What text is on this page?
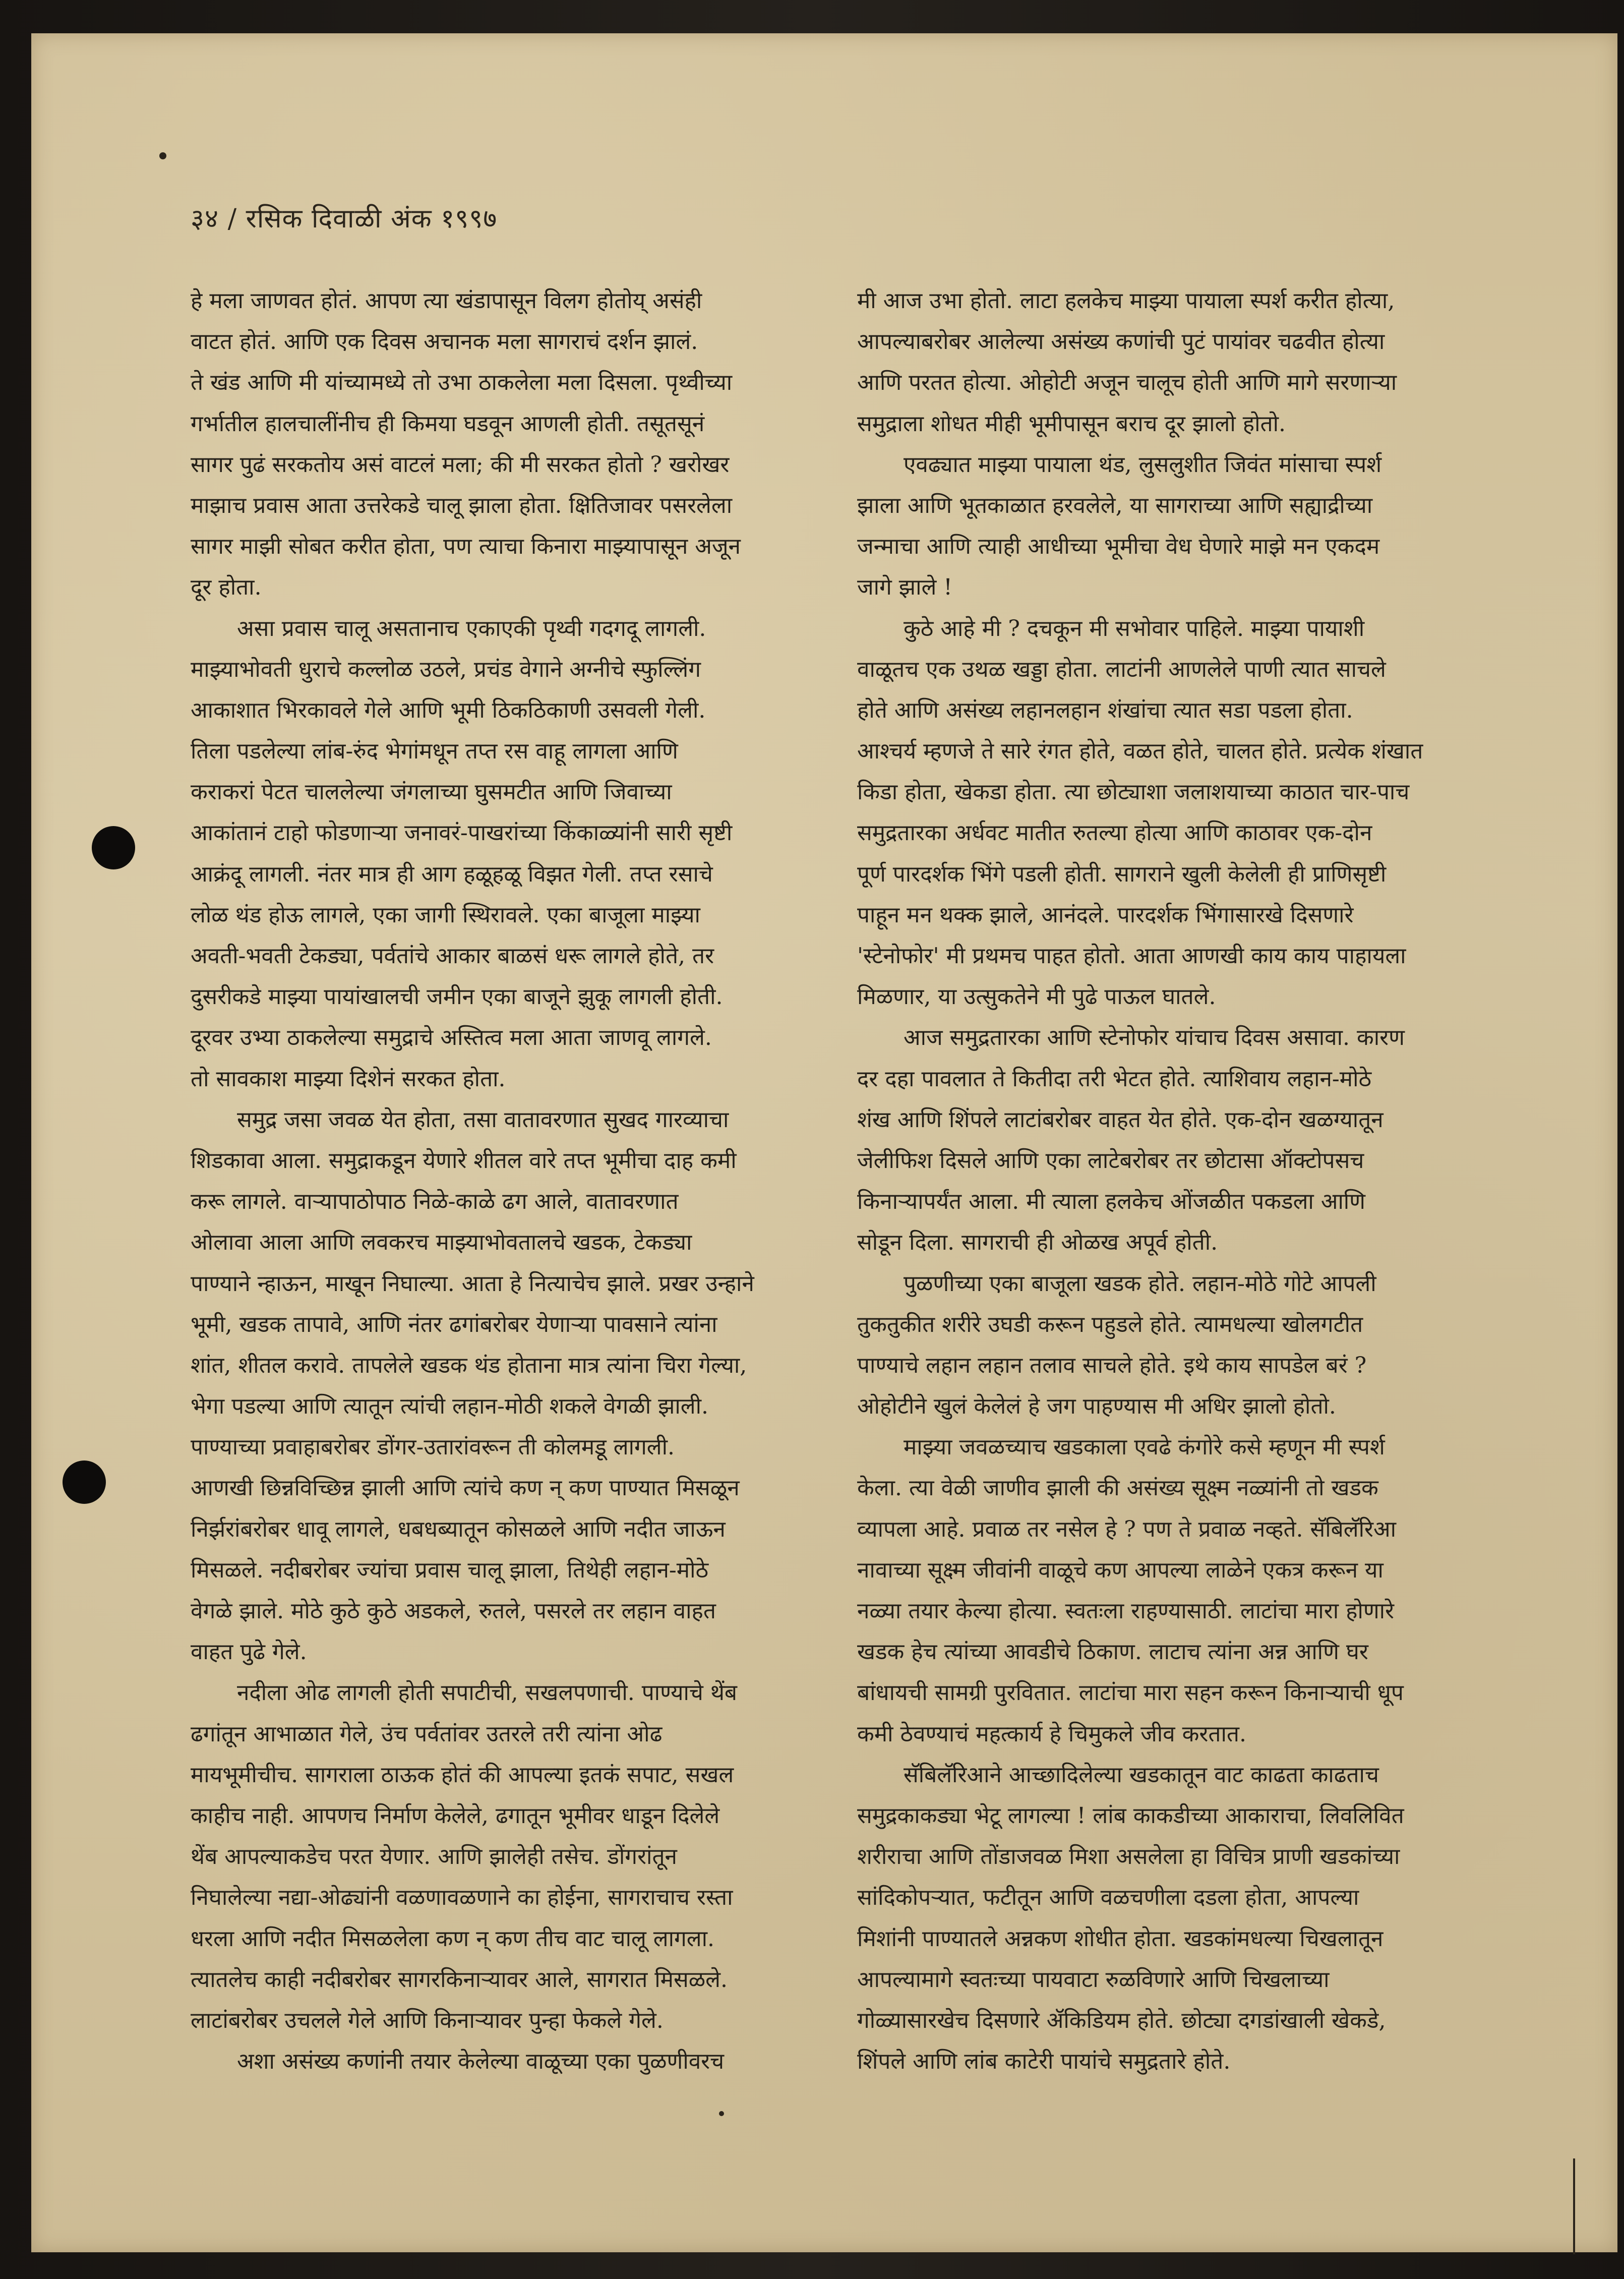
३४ / रसिक दिवाळी अंक १९९७
हे मला जाणवत होतं. आपण त्या खंडापासून विलग होतोय् असंही
वाटत होतं. आणि एक दिवस अचानक मला सागराचं दर्शन झालं.
ते खंड आणि मी यांच्यामध्ये तो उभा ठाकलेला मला दिसला. पृथ्वीच्या
गर्भातील हालचालींनीच ही किमया घडवून आणली होती. तसूतसूनं
सागर पुढं सरकतोय असं वाटलं मला; की मी सरकत होतो ? खरोखर
माझाच प्रवास आता उत्तरेकडे चालू झाला होता. क्षितिजावर पसरलेला
सागर माझी सोबत करीत होता, पण त्याचा किनारा माझ्यापासून अजून
दूर होता.
असा प्रवास चालू असतानाच एकाएकी पृथ्वी गदगदू लागली.
माझ्याभोवती धुराचे कल्लोळ उठले, प्रचंड वेगाने अग्नीचे स्फुल्लिंग
आकाशात भिरकावले गेले आणि भूमी ठिकठिकाणी उसवली गेली.
तिला पडलेल्या लांब-रुंद भेगांमधून तप्त रस वाहू लागला आणि
कराकरां पेटत चाललेल्या जंगलाच्या घुसमटीत आणि जिवाच्या
आकांतानं टाहो फोडणाऱ्या जनावरं-पाखरांच्या किंकाळ्यांनी सारी सृष्टी
आक्रंदू लागली. नंतर मात्र ही आग हळूहळू विझत गेली. तप्त रसाचे
लोळ थंड होऊ लागले, एका जागी स्थिरावले. एका बाजूला माझ्या
अवती-भवती टेकड्या, पर्वतांचे आकार बाळसं धरू लागले होते, तर
दुसरीकडे माझ्या पायांखालची जमीन एका बाजूने झुकू लागली होती.
दूरवर उभ्या ठाकलेल्या समुद्राचे अस्तित्व मला आता जाणवू लागले.
तो सावकाश माझ्या दिशेनं सरकत होता.
समुद्र जसा जवळ येत होता, तसा वातावरणात सुखद गारव्याचा
शिडकावा आला. समुद्राकडून येणारे शीतल वारे तप्त भूमीचा दाह कमी
करू लागले. वाऱ्यापाठोपाठ निळे-काळे ढग आले, वातावरणात
ओलावा आला आणि लवकरच माझ्याभोवतालचे खडक, टेकड्या
पाण्याने न्हाऊन, माखून निघाल्या. आता हे नित्याचेच झाले. प्रखर उन्हाने
भूमी, खडक तापावे, आणि नंतर ढगांबरोबर येणाऱ्या पावसाने त्यांना
शांत, शीतल करावे. तापलेले खडक थंड होताना मात्र त्यांना चिरा गेल्या,
भेगा पडल्या आणि त्यातून त्यांची लहान-मोठी शकले वेगळी झाली.
पाण्याच्या प्रवाहाबरोबर डोंगर-उतारांवरून ती कोलमडू लागली.
आणखी छिन्नविच्छिन्न झाली आणि त्यांचे कण न् कण पाण्यात मिसळून
निर्झरांबरोबर धावू लागले, धबधब्यातून कोसळले आणि नदीत जाऊन
मिसळले. नदीबरोबर ज्यांचा प्रवास चालू झाला, तिथेही लहान-मोठे
वेगळे झाले. मोठे कुठे कुठे अडकले, रुतले, पसरले तर लहान वाहत
वाहत पुढे गेले.
नदीला ओढ लागली होती सपाटीची, सखलपणाची. पाण्याचे थेंब
ढगांतून आभाळात गेले, उंच पर्वतांवर उतरले तरी त्यांना ओढ
मायभूमीचीच. सागराला ठाऊक होतं की आपल्या इतकं सपाट, सखल
काहीच नाही. आपणच निर्माण केलेले, ढगातून भूमीवर धाडून दिलेले
थेंब आपल्याकडेच परत येणार. आणि झालेही तसेच. डोंगरांतून
निघालेल्या नद्या-ओढ्यांनी वळणावळणाने का होईना, सागराचाच रस्ता
धरला आणि नदीत मिसळलेला कण न् कण तीच वाट चालू लागला.
त्यातलेच काही नदीबरोबर सागरकिनाऱ्यावर आले, सागरात मिसळले.
लाटांबरोबर उचलले गेले आणि किनाऱ्यावर पुन्हा फेकले गेले.
अशा असंख्य कणांनी तयार केलेल्या वाळूच्या एका पुळणीवरच
मी आज उभा होतो. लाटा हलकेच माझ्या पायाला स्पर्श करीत होत्या,
आपल्याबरोबर आलेल्या असंख्य कणांची पुटं पायांवर चढवीत होत्या
आणि परतत होत्या. ओहोटी अजून चालूच होती आणि मागे सरणाऱ्या
समुद्राला शोधत मीही भूमीपासून बराच दूर झालो होतो.
एवढ्यात माझ्या पायाला थंड, लुसलुशीत जिवंत मांसाचा स्पर्श
झाला आणि भूतकाळात हरवलेले, या सागराच्या आणि सह्याद्रीच्या
जन्माचा आणि त्याही आधीच्या भूमीचा वेध घेणारे माझे मन एकदम
जागे झाले !
कुठे आहे मी ? दचकून मी सभोवार पाहिले. माझ्या पायाशी
वाळूतच एक उथळ खड्डा होता. लाटांनी आणलेले पाणी त्यात साचले
होते आणि असंख्य लहानलहान शंखांचा त्यात सडा पडला होता.
आश्चर्य म्हणजे ते सारे रंगत होते, वळत होते, चालत होते. प्रत्येक शंखात
किडा होता, खेकडा होता. त्या छोट्याशा जलाशयाच्या काठात चार-पाच
समुद्रतारका अर्धवट मातीत रुतल्या होत्या आणि काठावर एक-दोन
पूर्ण पारदर्शक भिंगे पडली होती. सागराने खुली केलेली ही प्राणिसृष्टी
पाहून मन थक्क झाले, आनंदले. पारदर्शक भिंगासारखे दिसणारे
'स्टेनोफोर' मी प्रथमच पाहत होतो. आता आणखी काय काय पाहायला
मिळणार, या उत्सुकतेने मी पुढे पाऊल घातले.
आज समुद्रतारका आणि स्टेनोफोर यांचाच दिवस असावा. कारण
दर दहा पावलात ते कितीदा तरी भेटत होते. त्याशिवाय लहान-मोठे
शंख आणि शिंपले लाटांबरोबर वाहत येत होते. एक-दोन खळग्यातून
जेलीफिश दिसले आणि एका लाटेबरोबर तर छोटासा ऑक्टोपसच
किनाऱ्यापर्यंत आला. मी त्याला हलकेच ओंजळीत पकडला आणि
सोडून दिला. सागराची ही ओळख अपूर्व होती.
पुळणीच्या एका बाजूला खडक होते. लहान-मोठे गोटे आपली
तुकतुकीत शरीरे उघडी करून पहुडले होते. त्यामधल्या खोलगटीत
पाण्याचे लहान लहान तलाव साचले होते. इथे काय सापडेल बरं ?
ओहोटीने खुलं केलेलं हे जग पाहण्यास मी अधिर झालो होतो.
माझ्या जवळच्याच खडकाला एवढे कंगोरे कसे म्हणून मी स्पर्श
केला. त्या वेळी जाणीव झाली की असंख्य सूक्ष्म नळ्यांनी तो खडक
व्यापला आहे. प्रवाळ तर नसेल हे ? पण ते प्रवाळ नव्हते. सॅबिलॅरिआ
नावाच्या सूक्ष्म जीवांनी वाळूचे कण आपल्या लाळेने एकत्र करून या
नळ्या तयार केल्या होत्या. स्वतःला राहण्यासाठी. लाटांचा मारा होणारे
खडक हेच त्यांच्या आवडीचे ठिकाण. लाटाच त्यांना अन्न आणि घर
बांधायची सामग्री पुरवितात. लाटांचा मारा सहन करून किनाऱ्याची धूप
कमी ठेवण्याचं महत्कार्य हे चिमुकले जीव करतात.
सॅबिलॅरिआने आच्छादिलेल्या खडकातून वाट काढता काढताच
समुद्रकाकड्या भेटू लागल्या ! लांब काकडीच्या आकाराचा, लिवलिवित
शरीराचा आणि तोंडाजवळ मिशा असलेला हा विचित्र प्राणी खडकांच्या
सांदिकोपऱ्यात, फटीतून आणि वळचणीला दडला होता, आपल्या
मिशांनी पाण्यातले अन्नकण शोधीत होता. खडकांमधल्या चिखलातून
आपल्यामागे स्वतःच्या पायवाटा रुळविणारे आणि चिखलाच्या
गोळ्यासारखेच दिसणारे ॲकिडियम होते. छोट्या दगडांखाली खेकडे,
शिंपले आणि लांब काटेरी पायांचे समुद्रतारे होते.
